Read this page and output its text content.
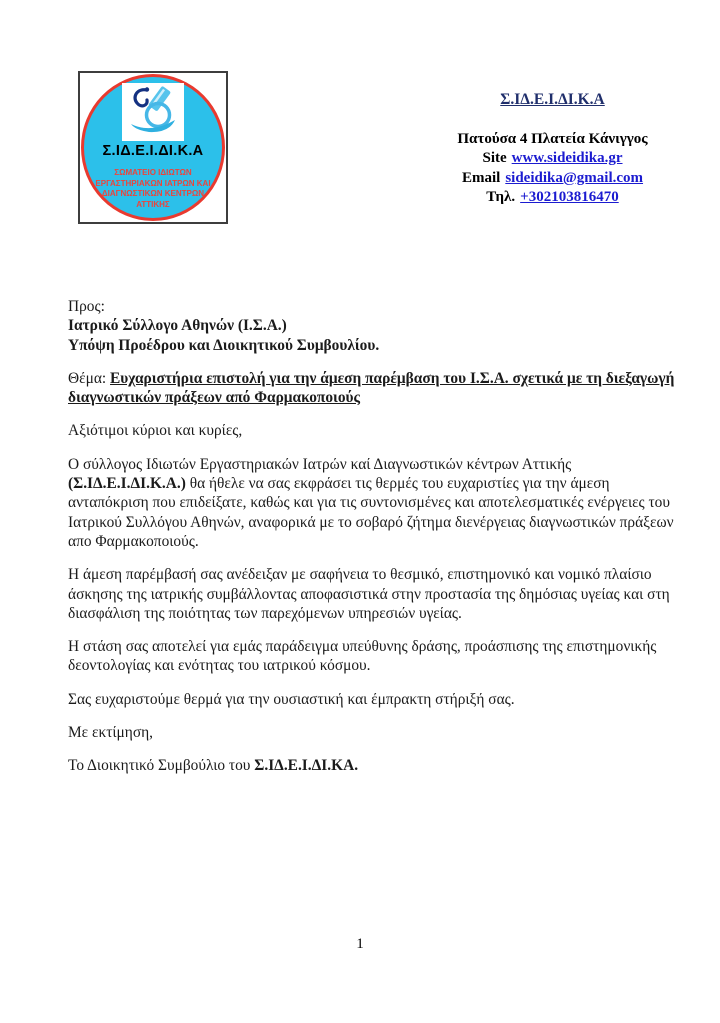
Σ.ΙΔ.Ε.Ι.ΔΙ.Κ.Α
ΣΩΜΑΤΕΙΟ ΙΔΙΩΤΩΝ
ΕΡΓΑΣΤΗΡΙΑΚΩΝ ΙΑΤΡΩΝ ΚΑΙ
ΔΙΑΓΝΩΣΤΙΚΩΝ ΚΕΝΤΡΩΝ
ΑΤΤΙΚΗΣ
Σ.ΙΔ.Ε.Ι.ΔΙ.Κ.Α
Πατούσα 4 Πλατεία Κάνιγγος
Site www.sideidika.gr
Email sideidika@gmail.com
Τηλ. +302103816470

Προς:

Ιατρικό Σύλλογο Αθηνών (Ι.Σ.Α.)

Υπόψη Προέδρου και Διοικητικού Συμβουλίου.

Θέμα: Ευχαριστήρια επιστολή για την άμεση παρέμβαση του Ι.Σ.Α. σχετικά με τη διεξαγωγή διαγνωστικών πράξεων από Φαρμακοποιούς

Αξιότιμοι κύριοι και κυρίες,

Ο σύλλογος Ιδιωτών Εργαστηριακών Ιατρών καί Διαγνωστικών κέντρων Αττικής (Σ.ΙΔ.Ε.Ι.ΔΙ.Κ.Α.) θα ήθελε να σας εκφράσει τις θερμές του ευχαριστίες για την άμεση ανταπόκριση που επιδείξατε, καθώς και για τις συντονισμένες και αποτελεσματικές ενέργειες του Ιατρικού Συλλόγου Αθηνών, αναφορικά με το σοβαρό ζήτημα διενέργειας διαγνωστικών πράξεων απο Φαρμακοποιούς.

Η άμεση παρέμβασή σας ανέδειξαν με σαφήνεια το θεσμικό, επιστημονικό και νομικό πλαίσιο άσκησης της ιατρικής συμβάλλοντας αποφασιστικά στην προστασία της δημόσιας υγείας και στη διασφάλιση της ποιότητας των παρεχόμενων υπηρεσιών υγείας.

Η στάση σας αποτελεί για εμάς παράδειγμα υπεύθυνης δράσης, προάσπισης της επιστημονικής δεοντολογίας και ενότητας του ιατρικού κόσμου.

Σας ευχαριστούμε θερμά για την ουσιαστική και έμπρακτη στήριξή σας.

Με εκτίμηση,

Το Διοικητικό Συμβούλιο του Σ.ΙΔ.Ε.Ι.ΔΙ.ΚΑ.

1
